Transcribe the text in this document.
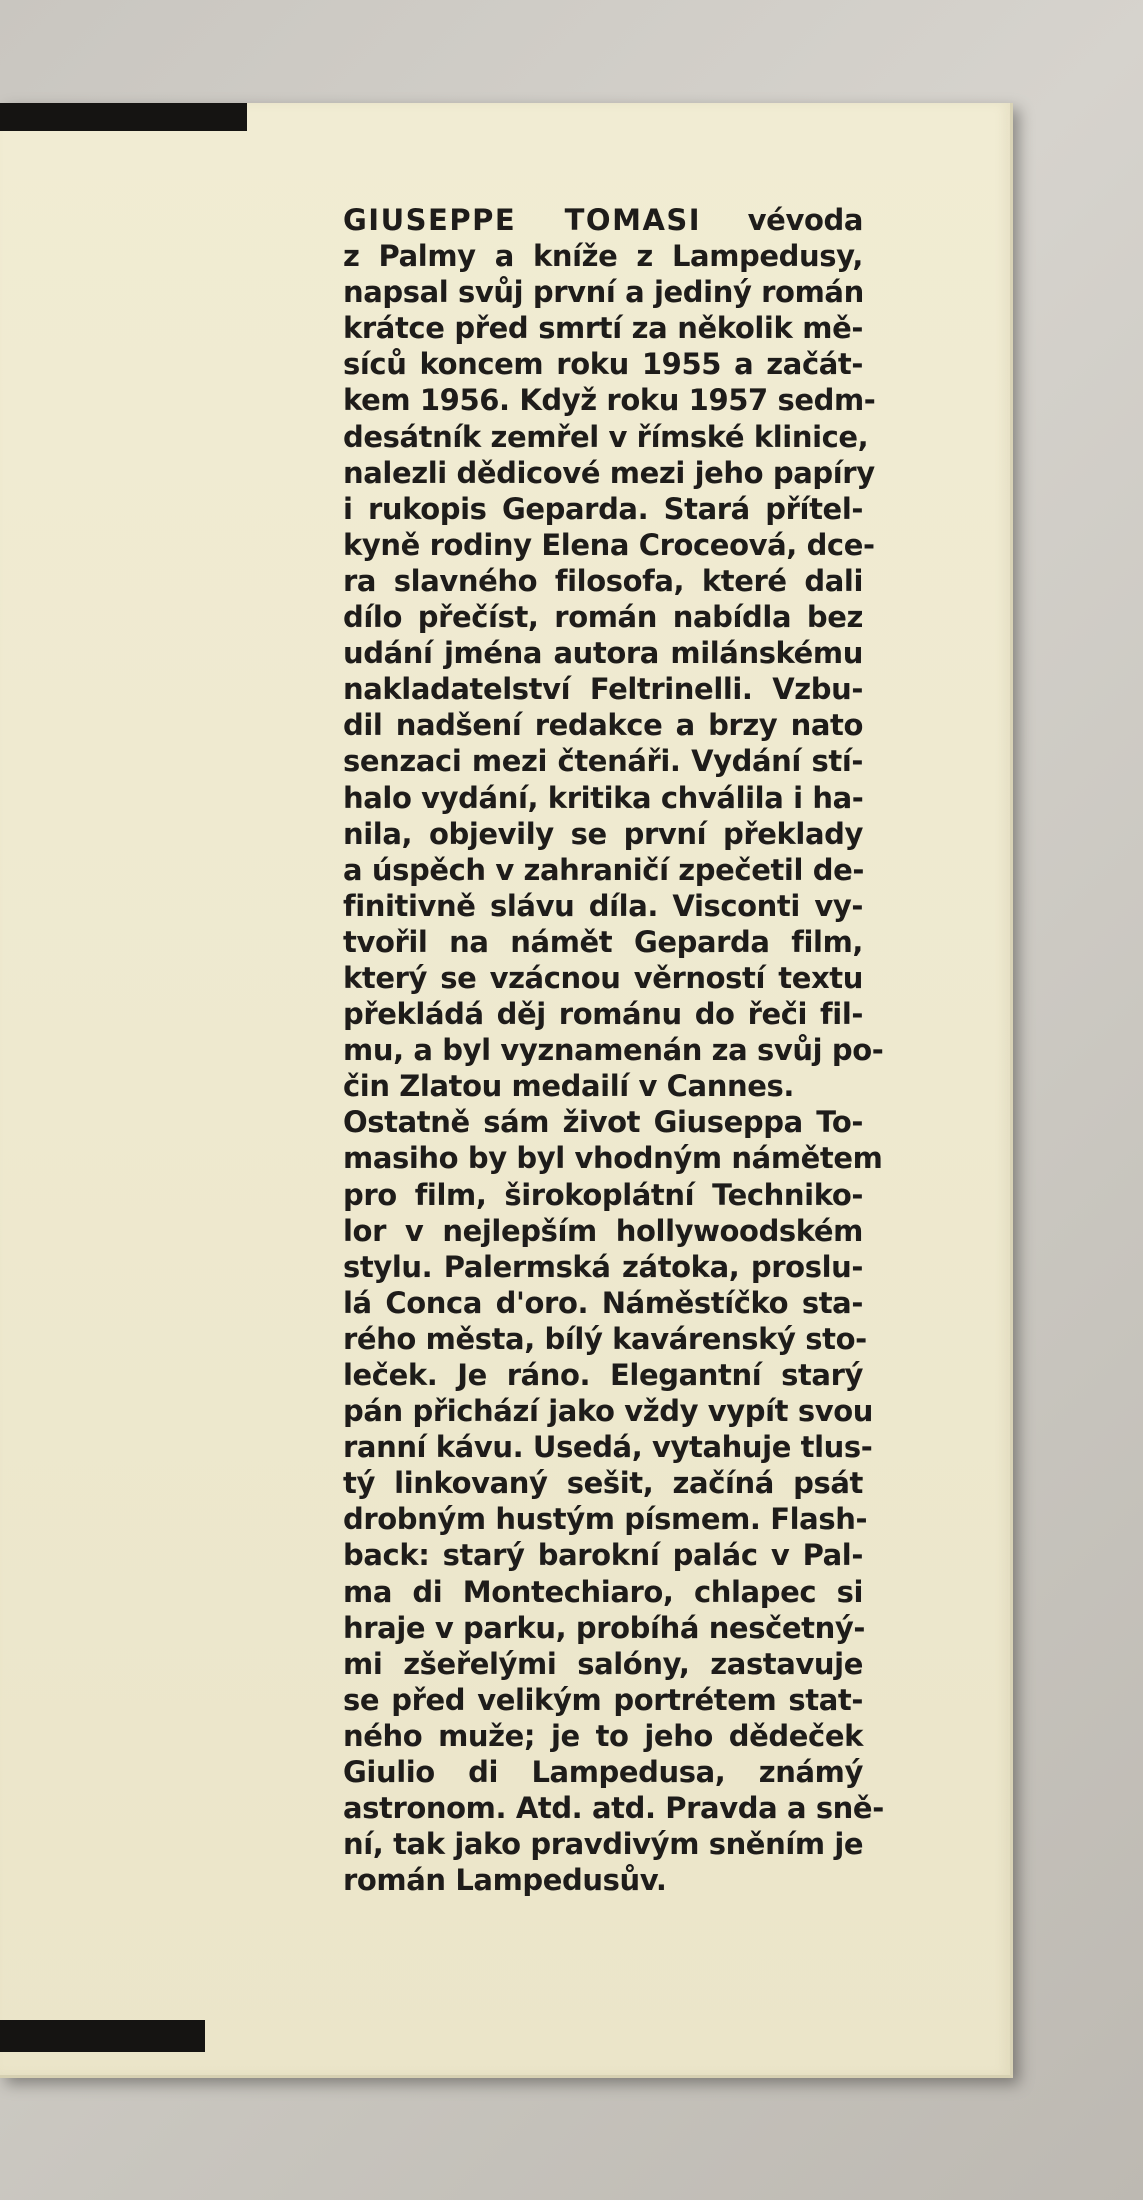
GIUSEPPE TOMASI vévoda
z Palmy a kníže z Lampedusy,
napsal svůj první a jediný román
krátce před smrtí za několik mě-
síců koncem roku 1955 a začát-
kem 1956. Když roku 1957 sedm-
desátník zemřel v římské klinice,
nalezli dědicové mezi jeho papíry
i rukopis Geparda. Stará přítel-
kyně rodiny Elena Croceová, dce-
ra slavného filosofa, které dali
dílo přečíst, román nabídla bez
udání jména autora milánskému
nakladatelství Feltrinelli. Vzbu-
dil nadšení redakce a brzy nato
senzaci mezi čtenáři. Vydání stí-
halo vydání, kritika chválila i ha-
nila, objevily se první překlady
a úspěch v zahraničí zpečetil de-
finitivně slávu díla. Visconti vy-
tvořil na námět Geparda film,
který se vzácnou věrností textu
překládá děj románu do řeči fil-
mu, a byl vyznamenán za svůj po-
čin Zlatou medailí v Cannes.
Ostatně sám život Giuseppa To-
masiho by byl vhodným námětem
pro film, širokoplátní Techniko-
lor v nejlepším hollywoodském
stylu. Palermská zátoka, proslu-
lá Conca d'oro. Náměstíčko sta-
rého města, bílý kavárenský sto-
leček. Je ráno. Elegantní starý
pán přichází jako vždy vypít svou
ranní kávu. Usedá, vytahuje tlus-
tý linkovaný sešit, začíná psát
drobným hustým písmem. Flash-
back: starý barokní palác v Pal-
ma di Montechiaro, chlapec si
hraje v parku, probíhá nesčetný-
mi zšeřelými salóny, zastavuje
se před velikým portrétem stat-
ného muže; je to jeho dědeček
Giulio di Lampedusa, známý
astronom. Atd. atd. Pravda a sně-
ní, tak jako pravdivým sněním je
román Lampedusův.
